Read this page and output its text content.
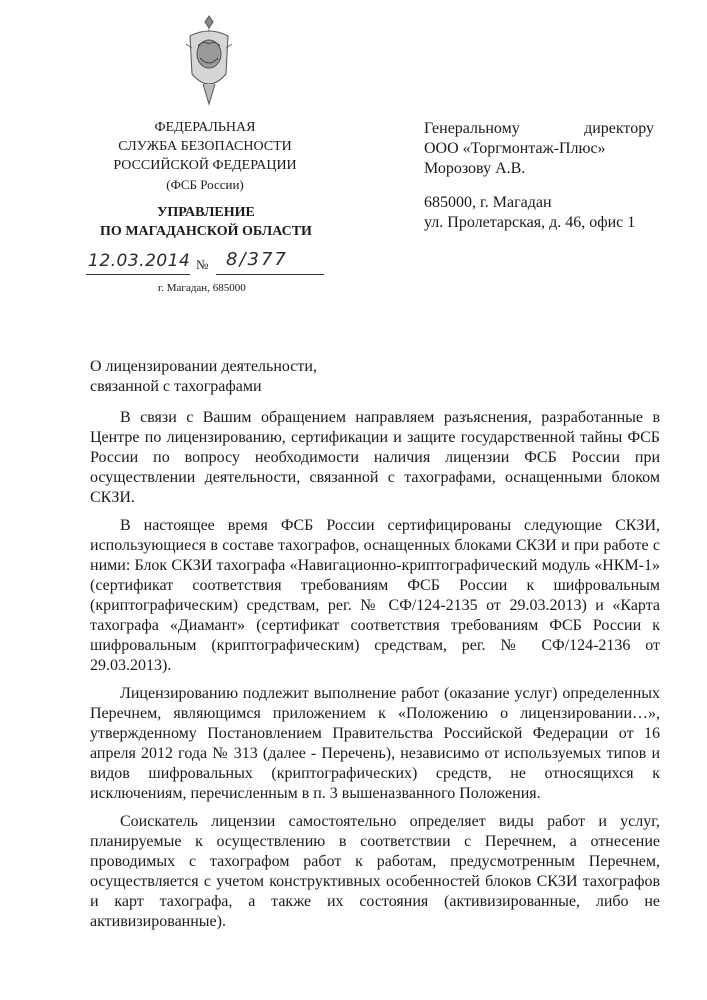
ФЕДЕРАЛЬНАЯ
СЛУЖБА БЕЗОПАСНОСТИ
РОССИЙСКОЙ ФЕДЕРАЦИИ
(ФСБ России)
УПРАВЛЕНИЕ
ПО МАГАДАНСКОЙ ОБЛАСТИ
12.03.2014 № 8/377
г. Магадан, 685000
Генеральному	директору
ООО «Торгмонтаж-Плюс»
Морозову А.В.
685000, г. Магадан
ул. Пролетарская, д. 46, офис 1
О лицензировании деятельности,
связанной с тахографами

В связи с Вашим обращением направляем разъяснения, разработанные в Центре по лицензированию, сертификации и защите государственной тайны ФСБ России по вопросу необходимости наличия лицензии ФСБ России при осуществлении деятельности, связанной с тахографами, оснащенными блоком СКЗИ.

В настоящее время ФСБ России сертифицированы следующие СКЗИ, использующиеся в составе тахографов, оснащенных блоками СКЗИ и при работе с ними: Блок СКЗИ тахографа «Навигационно-криптографический модуль «НКМ-1» (сертификат соответствия требованиям ФСБ России к шифровальным (криптографическим) средствам, рег. № СФ/124-2135 от 29.03.2013) и «Карта тахографа «Диамант» (сертификат соответствия требованиям ФСБ России к шифровальным (криптографическим) средствам, рег. № СФ/124-2136 от 29.03.2013).

Лицензированию подлежит выполнение работ (оказание услуг) определенных Перечнем, являющимся приложением к «Положению о лицензировании…», утвержденному Постановлением Правительства Российской Федерации от 16 апреля 2012 года № 313 (далее - Перечень), независимо от используемых типов и видов шифровальных (криптографических) средств, не относящихся к исключениям, перечисленным в п. 3 вышеназванного Положения.

Соискатель лицензии самостоятельно определяет виды работ и услуг, планируемые к осуществлению в соответствии с Перечнем, а отнесение проводимых с тахографом работ к работам, предусмотренным Перечнем, осуществляется с учетом конструктивных особенностей блоков СКЗИ тахографов и карт тахографа, а также их состояния (активизированные, либо не активизированные).
